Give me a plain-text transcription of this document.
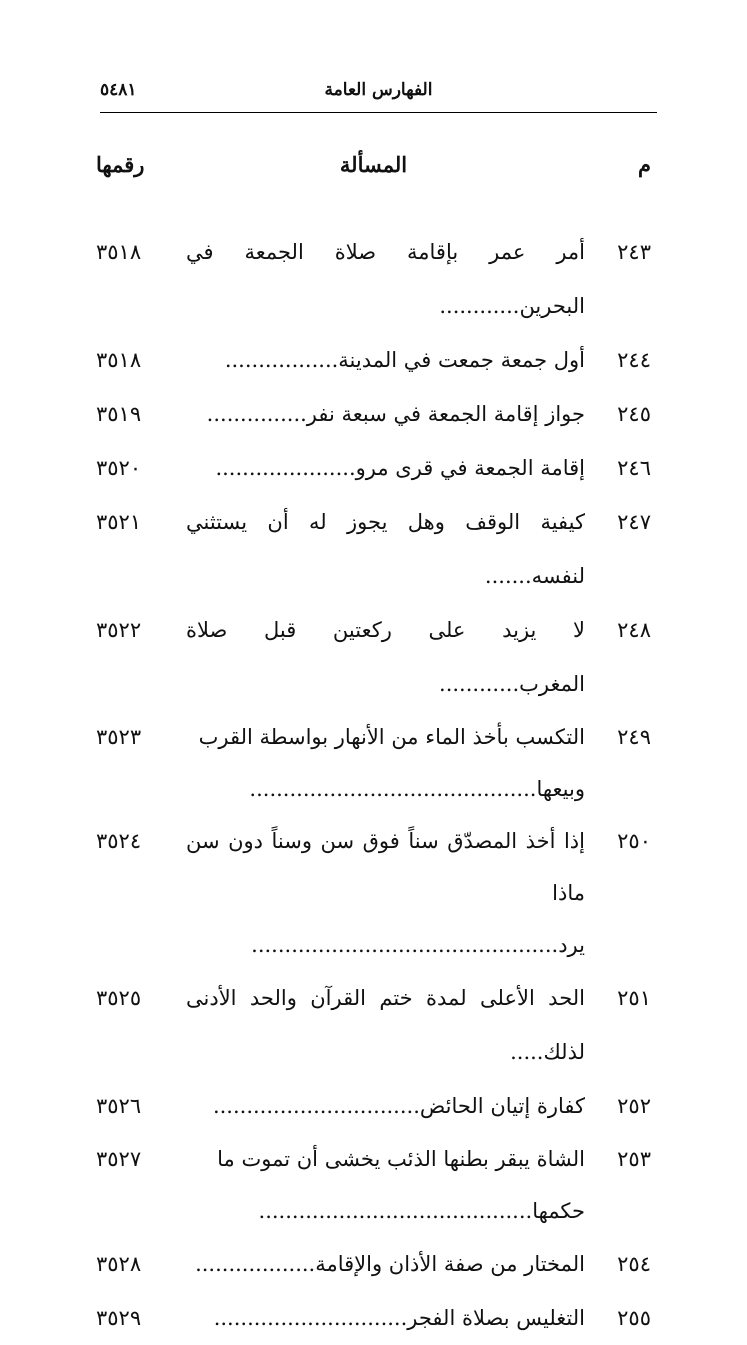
الفهارس العامة
٥٤٨١
م
المسألة
رقمها
٢٤٣
أمر عمر بإقامة صلاة الجمعة في البحرين............
٣٥١٨
٢٤٤
أول جمعة جمعت في المدينة.................
٣٥١٨
٢٤٥
جواز إقامة الجمعة في سبعة نفر...............
٣٥١٩
٢٤٦
إقامة الجمعة في قرى مرو.....................
٣٥٢٠
٢٤٧
كيفية الوقف وهل يجوز له أن يستثني لنفسه.......
٣٥٢١
٢٤٨
لا يزيد على ركعتين قبل صلاة المغرب............
٣٥٢٢
٢٤٩
التكسب بأخذ الماء من الأنهار بواسطة القرب
وبيعها...........................................
٣٥٢٣
٢٥٠
إذا أخذ المصدّق سناً فوق سن وسناً دون سن ماذا
يرد..............................................
٣٥٢٤
٢٥١
الحد الأعلى لمدة ختم القرآن والحد الأدنى لذلك.....
٣٥٢٥
٢٥٢
كفارة إتيان الحائض...............................
٣٥٢٦
٢٥٣
الشاة يبقر بطنها الذئب يخشى أن تموت ما
حكمها.........................................
٣٥٢٧
٢٥٤
المختار من صفة الأذان والإقامة..................
٣٥٢٨
٢٥٥
التغليس بصلاة الفجر.............................
٣٥٢٩
